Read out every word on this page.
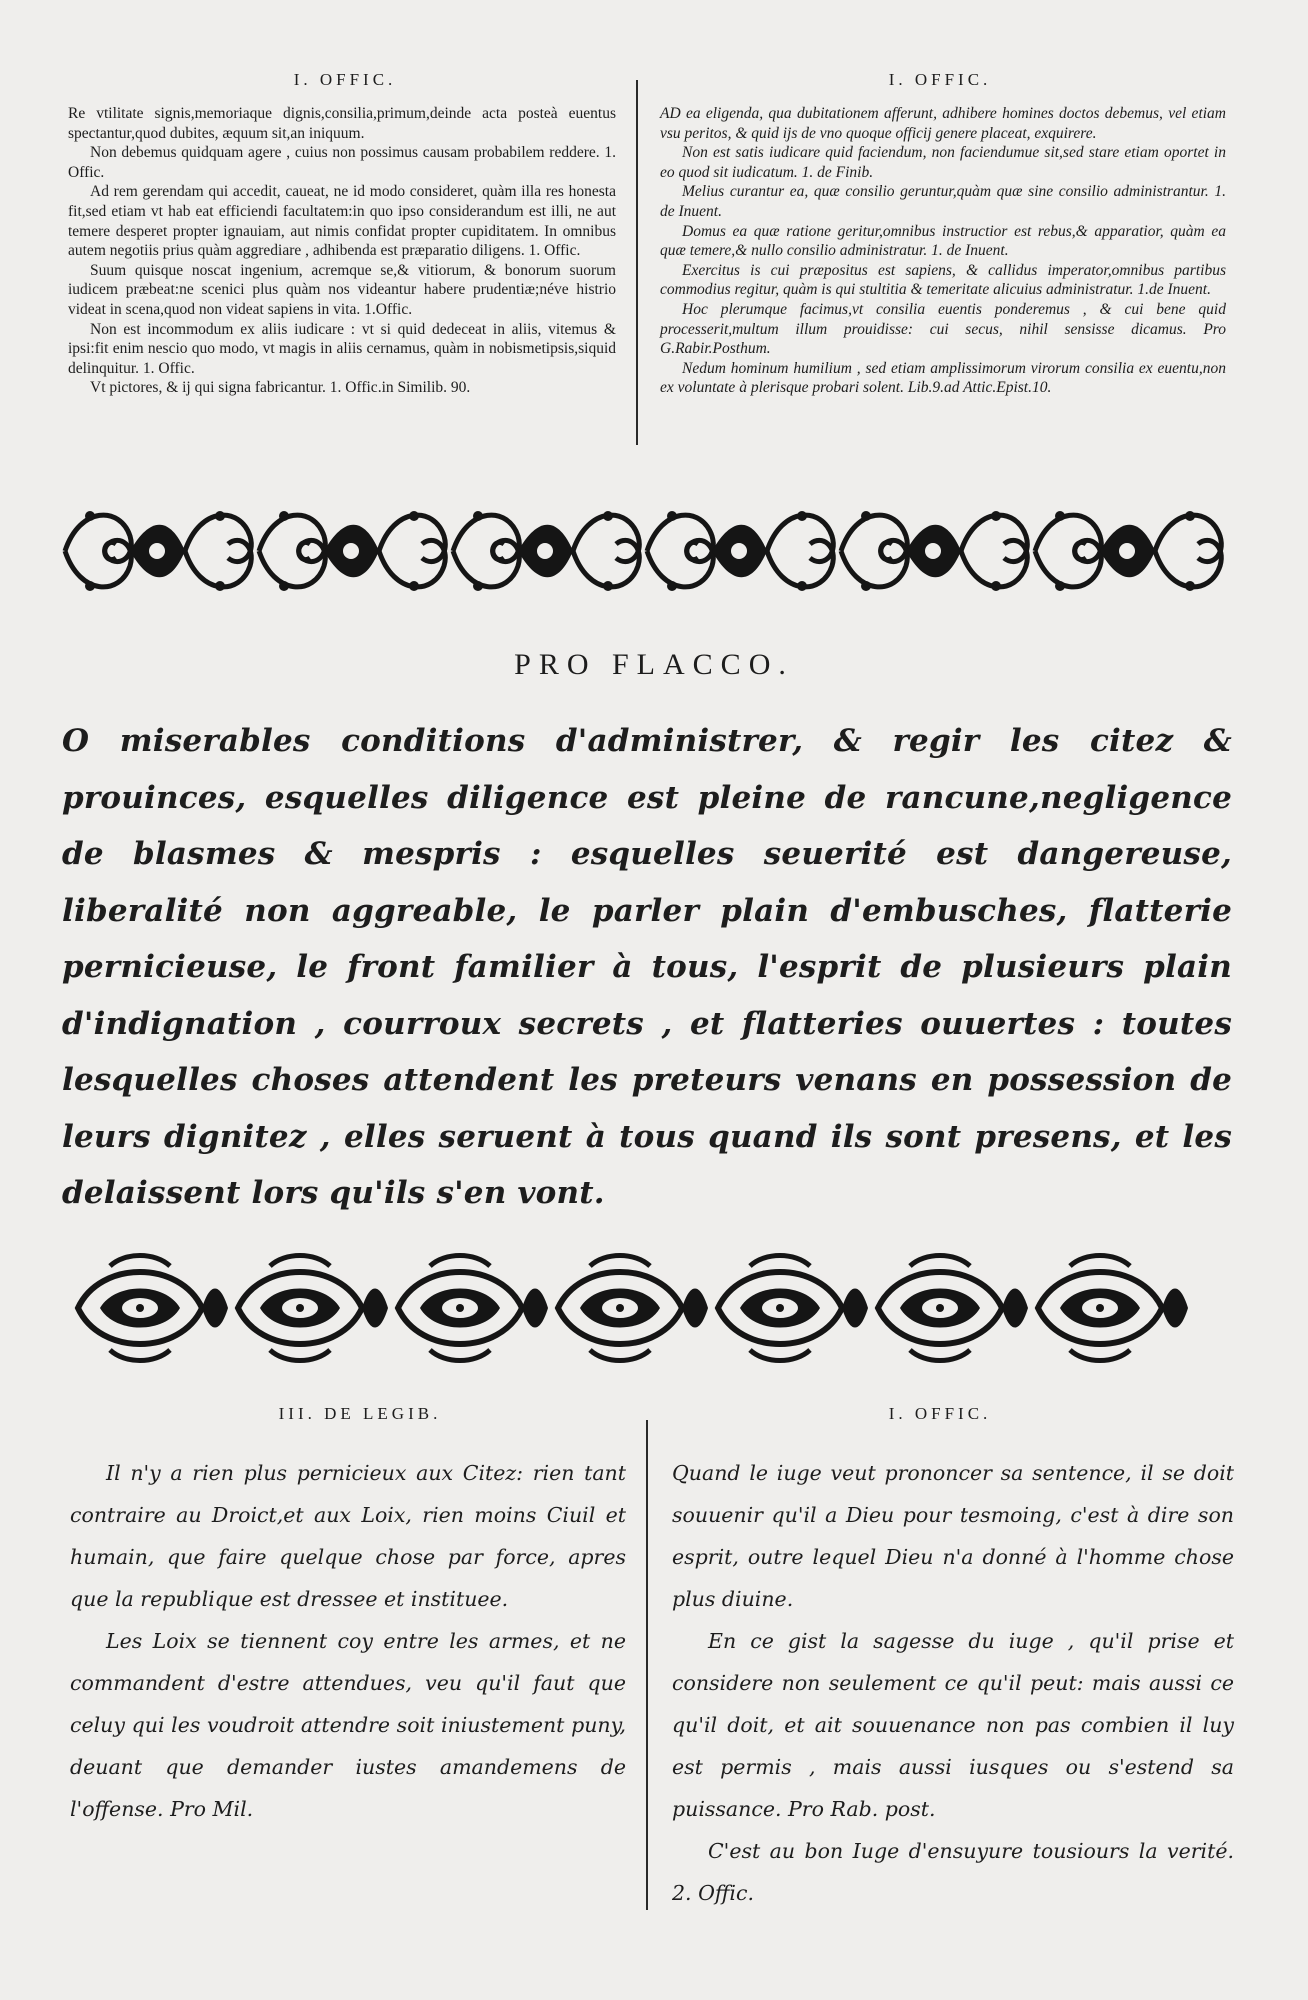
I. OFFIC.

Re vtilitate signis,memoriaque dignis,consilia,primum,deinde acta posteà euentus spectantur,quod dubites, æquum sit,an iniquum.

Non debemus quidquam agere , cuius non possimus causam probabilem reddere. 1. Offic.

Ad rem gerendam qui accedit, caueat, ne id modo consideret, quàm illa res honesta fit,sed etiam vt hab eat efficiendi facultatem:in quo ipso considerandum est illi, ne aut temere desperet propter ignauiam, aut nimis confidat propter cupiditatem. In omnibus autem negotiis prius quàm aggrediare , adhibenda est præparatio diligens. 1. Offic.

Suum quisque noscat ingenium, acremque se,& vitiorum, & bonorum suorum iudicem præbeat:ne scenici plus quàm nos videantur habere prudentiæ;néve histrio videat in scena,quod non videat sapiens in vita. 1.Offic.

Non est incommodum ex aliis iudicare : vt si quid dedeceat in aliis, vitemus & ipsi:fit enim nescio quo modo, vt magis in aliis cernamus, quàm in nobismetipsis,siquid delinquitur. 1. Offic.

Vt pictores, & ij qui signa fabricantur. 1. Offic.in Similib. 90.

I. OFFIC.

AD ea eligenda, qua dubitationem afferunt, adhibere homines doctos debemus, vel etiam vsu peritos, & quid ijs de vno quoque officij genere placeat, exquirere.

Non est satis iudicare quid faciendum, non faciendumue sit,sed stare etiam oportet in eo quod sit iudicatum. 1. de Finib.

Melius curantur ea, quæ consilio geruntur,quàm quæ sine consilio administrantur. 1. de Inuent.

Domus ea quæ ratione geritur,omnibus instructior est rebus,& apparatior, quàm ea quæ temere,& nullo consilio administratur. 1. de Inuent.

Exercitus is cui præpositus est sapiens, & callidus imperator,omnibus partibus commodius regitur, quàm is qui stultitia & temeritate alicuius administratur. 1.de Inuent.

Hoc plerumque facimus,vt consilia euentis ponderemus , & cui bene quid processerit,multum illum prouidisse: cui secus, nihil sensisse dicamus. Pro G.Rabir.Posthum.

Nedum hominum humilium , sed etiam amplissimorum virorum consilia ex euentu,non ex voluntate à plerisque probari solent. Lib.9.ad Attic.Epist.10.

PRO FLACCO.
O miserables conditions d'administrer, & regir les citez & prouinces, esquelles diligence est pleine de rancune,negligence de blasmes & mespris : esquelles seuerité est dangereuse, liberalité non aggreable, le parler plain d'embusches, flatterie pernicieuse, le front familier à tous, l'esprit de plusieurs plain d'indignation , courroux secrets , et flatteries ouuertes : toutes lesquelles choses attendent les preteurs venans en possession de leurs dignitez , elles seruent à tous quand ils sont presens, et les delaissent lors qu'ils s'en vont.
III. DE LEGIB.

Il n'y a rien plus pernicieux aux Citez: rien tant contraire au Droict,et aux Loix, rien moins Ciuil et humain, que faire quelque chose par force, apres que la republique est dressee et instituee.

Les Loix se tiennent coy entre les armes, et ne commandent d'estre attendues, veu qu'il faut que celuy qui les voudroit attendre soit iniustement puny, deuant que demander iustes amandemens de l'offense. Pro Mil.

I. OFFIC.

Quand le iuge veut prononcer sa sentence, il se doit souuenir qu'il a Dieu pour tesmoing, c'est à dire son esprit, outre lequel Dieu n'a donné à l'homme chose plus diuine.

En ce gist la sagesse du iuge , qu'il prise et considere non seulement ce qu'il peut: mais aussi ce qu'il doit, et ait souuenance non pas combien il luy est permis , mais aussi iusques ou s'estend sa puissance. Pro Rab. post.

C'est au bon Iuge d'ensuyure tousiours la verité. 2. Offic.
